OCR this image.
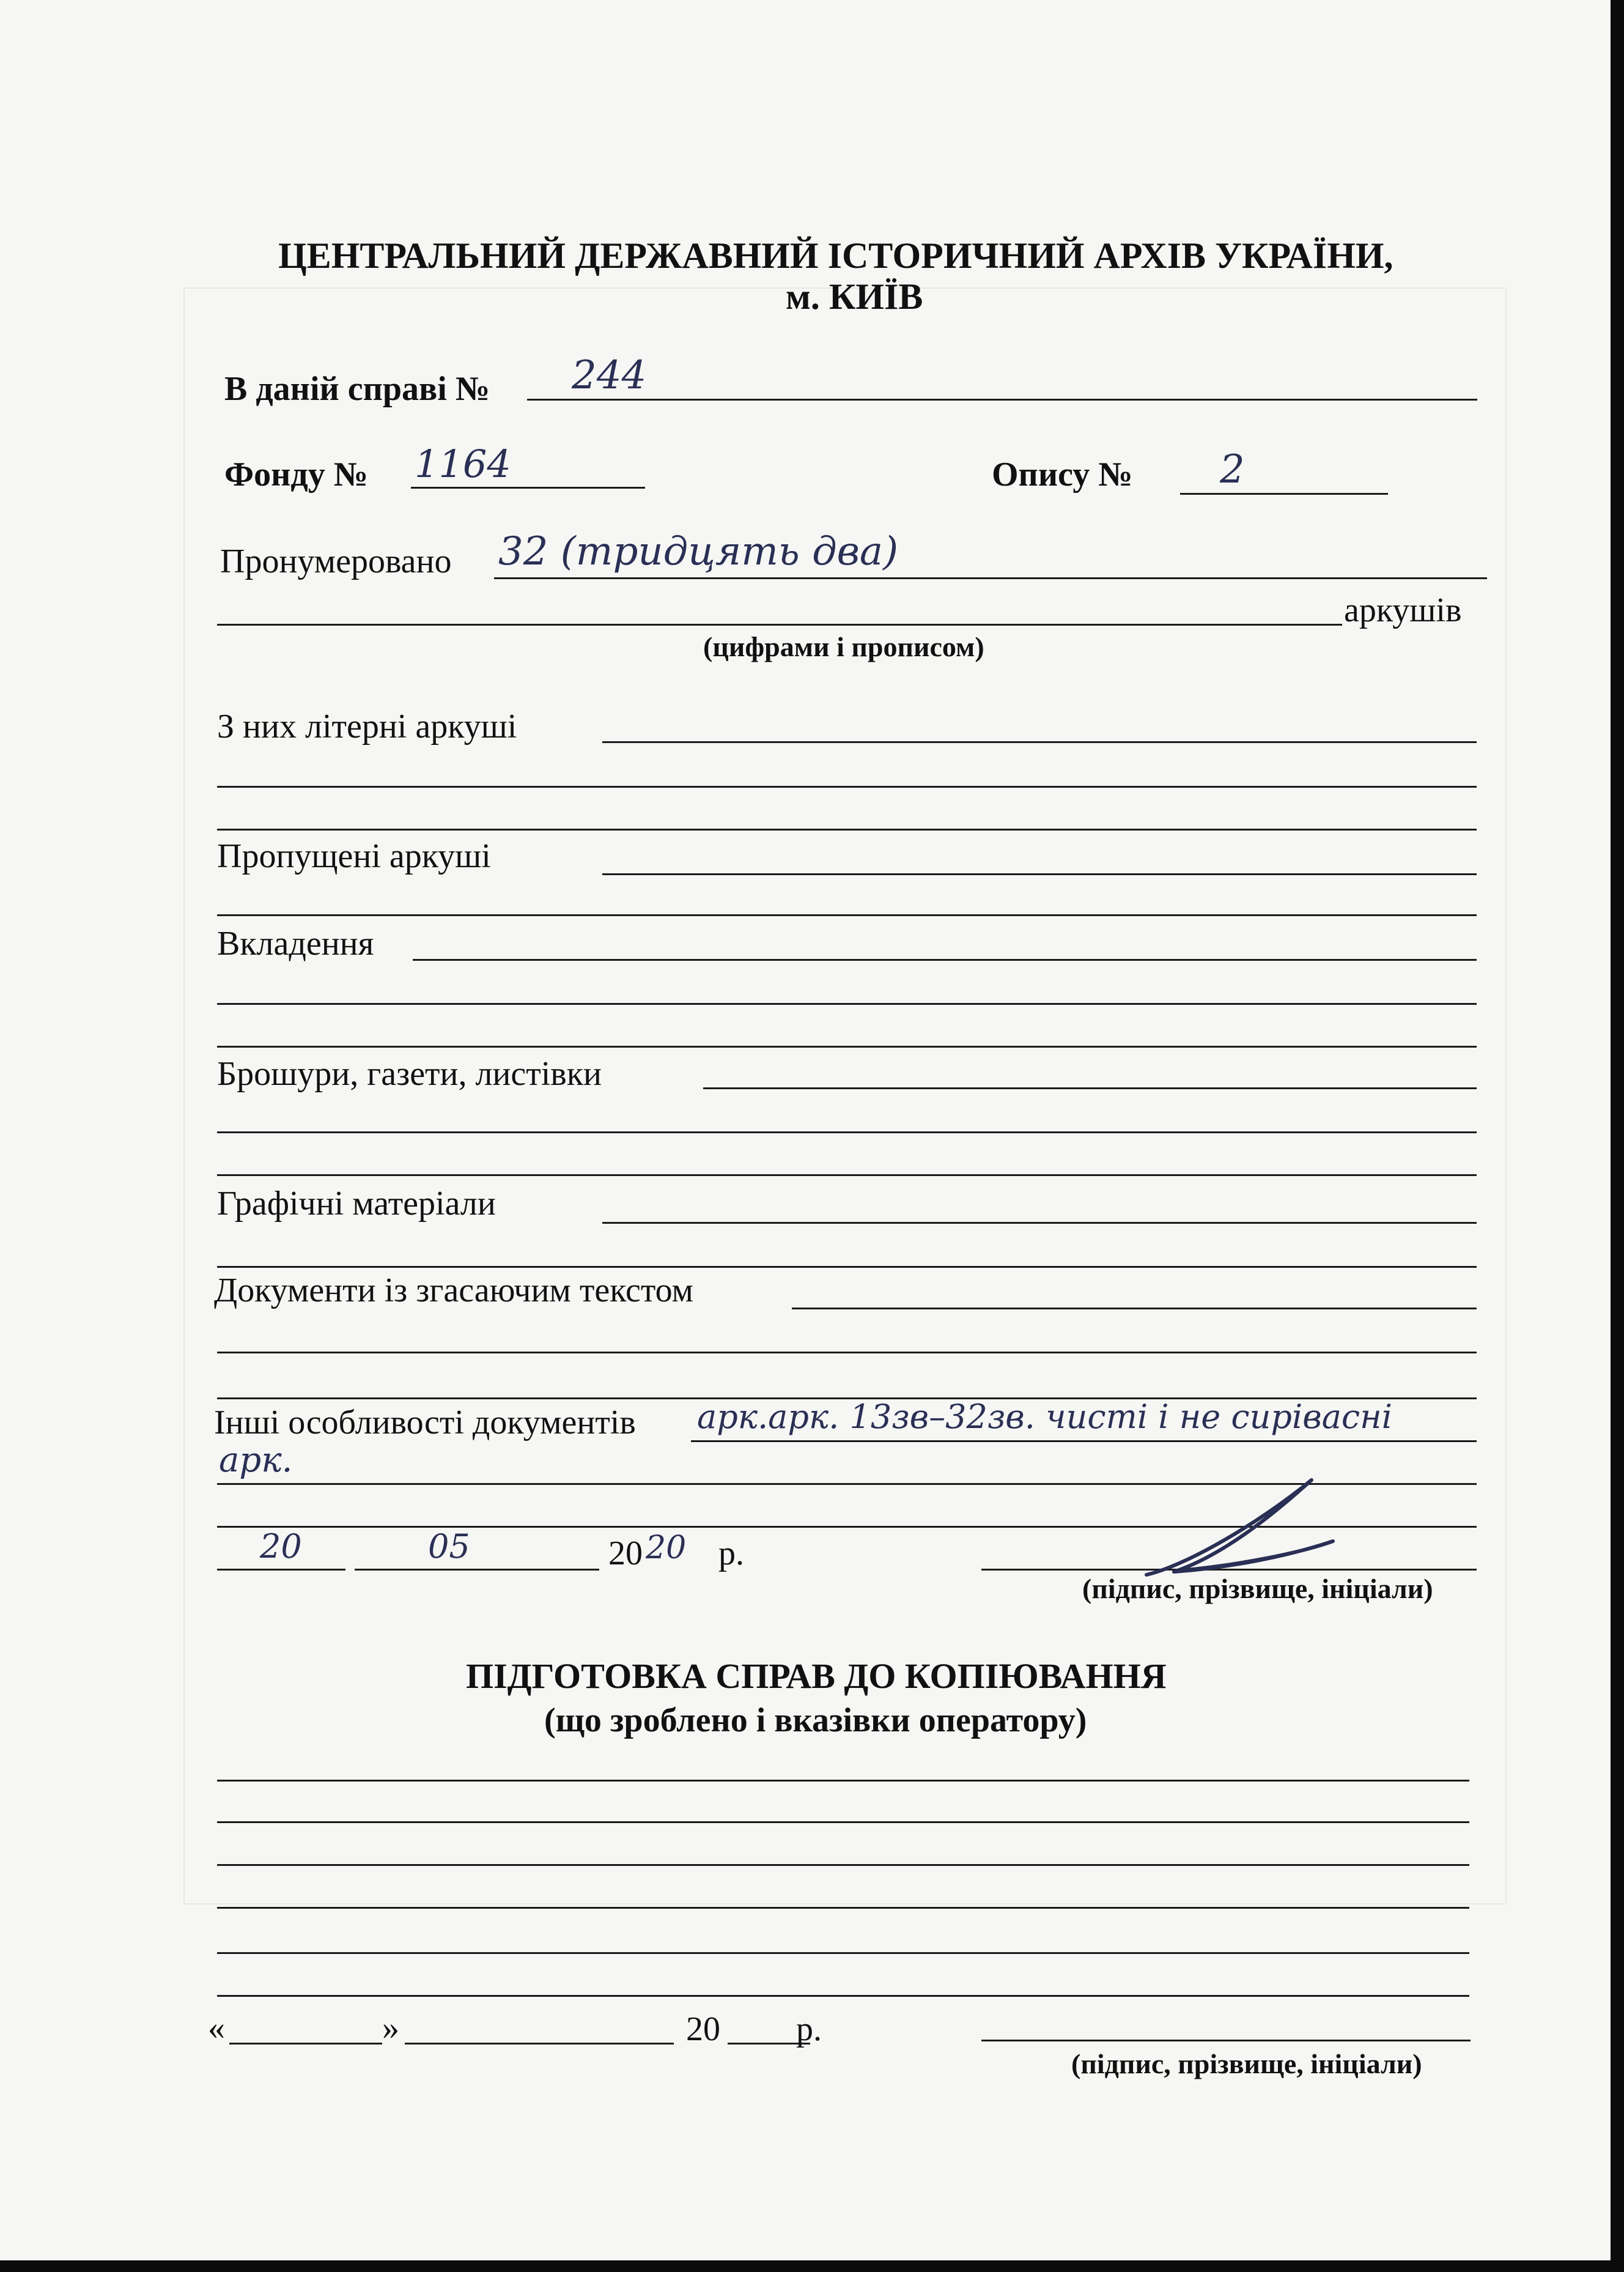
ЦЕНТРАЛЬНИЙ ДЕРЖАВНИЙ ІСТОРИЧНИЙ АРХІВ УКРАЇНИ,
м. КИЇВ
В даній справі № 244
Фонду № 1164	Опису № 2
Пронумеровано 32 (тридцять два)
аркушів
(цифрами і прописом)
З них літерні аркуші
Пропущені аркуші
Вкладення
Брошури, газети, листівки
Графічні матеріали
Документи із згасаючим текстом
Інші особливості документів арк.арк. 13зв–32зв. чисті і не сирівасні
арк.
20	05	20 20 р.
(підпис, прізвище, ініціали)
ПІДГОТОВКА СПРАВ ДО КОПІЮВАННЯ
(що зроблено і вказівки оператору)
«	»	20 р.
(підпис, прізвище, ініціали)
